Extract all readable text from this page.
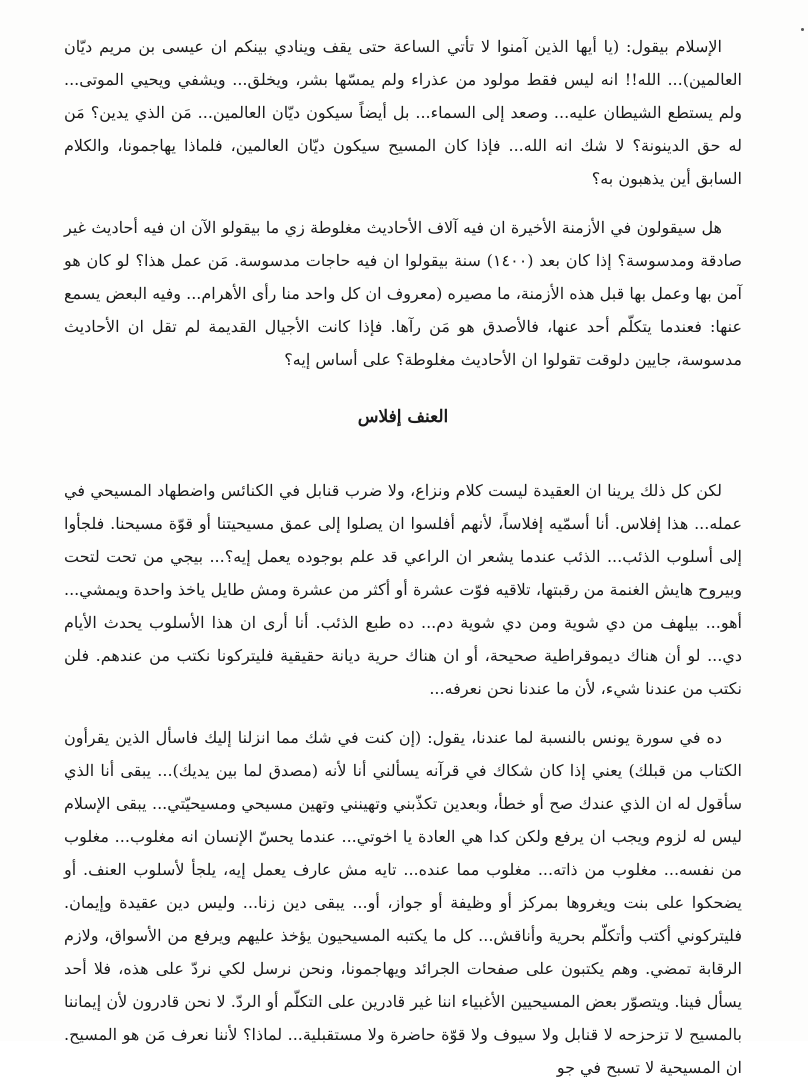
الإسلام بيقول: (يا أيها الذين آمنوا لا تأتي الساعة حتى يقف وينادي بينكم ان عيسى بن مريم ديّان العالمين)... الله!! انه ليس فقط مولود من عذراء ولم يمسّها بشر، ويخلق... ويشفي ويحيي الموتى... ولم يستطع الشيطان عليه... وصعد إلى السماء... بل أيضاً سيكون ديّان العالمين... مَن الذي يدين؟ مَن له حق الدينونة؟ لا شك انه الله... فإذا كان المسيح سيكون ديّان العالمين، فلماذا يهاجمونا، والكلام السابق أين يذهبون به؟

هل سيقولون في الأزمنة الأخيرة ان فيه آلاف الأحاديث مغلوطة زي ما بيقولو الآن ان فيه أحاديث غير صادقة ومدسوسة؟ إذا كان بعد (١٤٠٠) سنة بيقولوا ان فيه حاجات مدسوسة. مَن عمل هذا؟ لو كان هو آمن بها وعمل بها قبل هذه الأزمنة، ما مصيره (معروف ان كل واحد منا رأى الأهرام... وفيه البعض يسمع عنها: فعندما يتكلّم أحد عنها، فالأصدق هو مَن رآها. فإذا كانت الأجيال القديمة لم تقل ان الأحاديث مدسوسة، جايين دلوقت تقولوا ان الأحاديث مغلوطة؟ على أساس إيه؟

العنف إفلاس

لكن كل ذلك يرينا ان العقيدة ليست كلام ونزاع، ولا ضرب قنابل في الكنائس واضطهاد المسيحي في عمله... هذا إفلاس. أنا أسمّيه إفلاساً، لأنهم أفلسوا ان يصلوا إلى عمق مسيحيتنا أو قوّة مسيحنا. فلجأوا إلى أسلوب الذئب... الذئب عندما يشعر ان الراعي قد علم بوجوده يعمل إيه؟... بيجي من تحت لتحت وبيروح هايش الغنمة من رقبتها، تلاقيه فوّت عشرة أو أكثر من عشرة ومش طايل ياخذ واحدة ويمشي... أهو... بيلهف من دي شوية ومن دي شوية دم... ده طبع الذئب. أنا أرى ان هذا الأسلوب يحدث الأيام دي... لو أن هناك ديموقراطية صحيحة، أو ان هناك حرية ديانة حقيقية فليتركونا نكتب من عندهم. فلن نكتب من عندنا شيء، لأن ما عندنا نحن نعرفه...

ده في سورة يونس بالنسبة لما عندنا، يقول: (إن كنت في شك مما انزلنا إليك فاسأل الذين يقرأون الكتاب من قبلك) يعني إذا كان شكاك في قرآنه يسألني أنا لأنه (مصدق لما بين يديك)... يبقى أنا الذي سأقول له ان الذي عندك صح أو خطأ، وبعدين تكذّبني وتهينني وتهين مسيحي ومسيحيّتي... يبقى الإسلام ليس له لزوم ويجب ان يرفع ولكن كدا هي العادة يا اخوتي... عندما يحسّ الإنسان انه مغلوب... مغلوب من نفسه... مغلوب من ذاته... مغلوب مما عنده... تايه مش عارف يعمل إيه، يلجأ لأسلوب العنف. أو يضحكوا على بنت ويغروها بمركز أو وظيفة أو جواز، أو... يبقى دين زنا... وليس دين عقيدة وإيمان. فليتركوني أكتب وأتكلّم بحرية وأناقش... كل ما يكتبه المسيحيون يؤخذ عليهم ويرفع من الأسواق، ولازم الرقابة تمضي. وهم يكتبون على صفحات الجرائد ويهاجمونا، ونحن نرسل لكي نردّ على هذه، فلا أحد يسأل فينا. ويتصوّر بعض المسيحيين الأغبياء اننا غير قادرين على التكلّم أو الردّ. لا نحن قادرون لأن إيماننا بالمسيح لا تزحزحه لا قنابل ولا سيوف ولا قوّة حاضرة ولا مستقبلية... لماذا؟ لأننا نعرف مَن هو المسيح. ان المسيحية لا تسبح في جو
